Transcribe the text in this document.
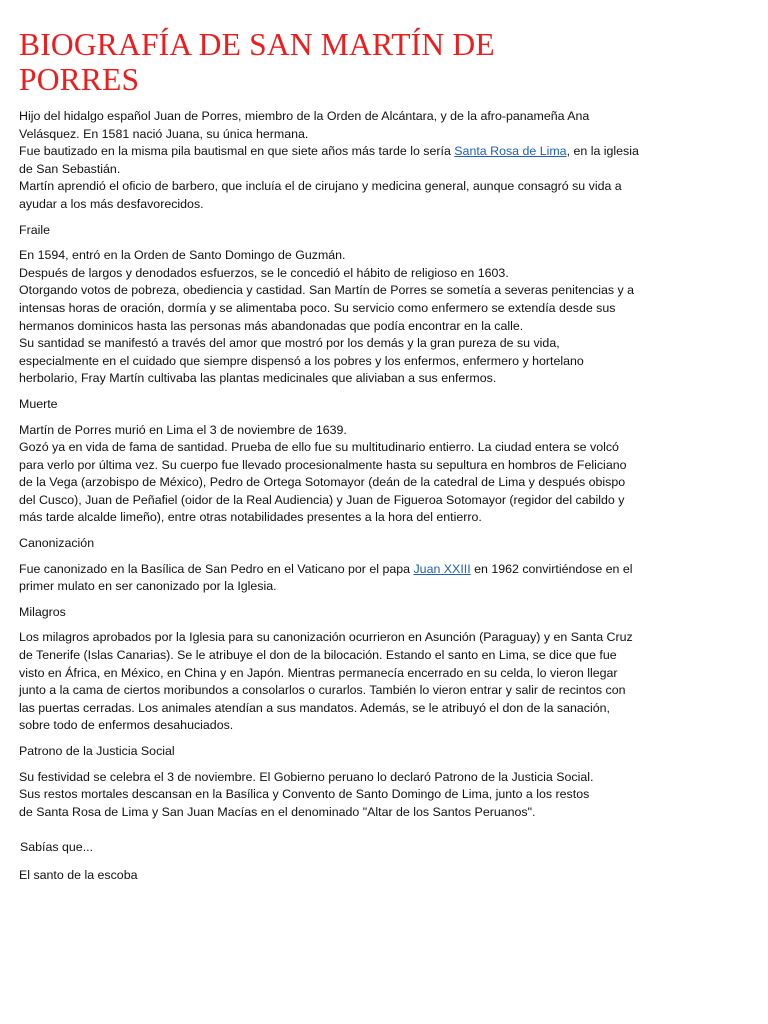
BIOGRAFÍA DE SAN MARTÍN DE
PORRES
Hijo del hidalgo español Juan de Porres, miembro de la Orden de Alcántara, y de la afro-panameña Ana
Velásquez. En 1581 nació Juana, su única hermana.
Fue bautizado en la misma pila bautismal en que siete años más tarde lo sería Santa Rosa de Lima, en la iglesia
de San Sebastián.
Martín aprendió el oficio de barbero, que incluía el de cirujano y medicina general, aunque consagró su vida a
ayudar a los más desfavorecidos.
Fraile
En 1594, entró en la Orden de Santo Domingo de Guzmán.
Después de largos y denodados esfuerzos, se le concedió el hábito de religioso en 1603.
Otorgando votos de pobreza, obediencia y castidad. San Martín de Porres se sometía a severas penitencias y a
intensas horas de oración, dormía y se alimentaba poco. Su servicio como enfermero se extendía desde sus
hermanos dominicos hasta las personas más abandonadas que podía encontrar en la calle.
Su santidad se manifestó a través del amor que mostró por los demás y la gran pureza de su vida,
especialmente en el cuidado que siempre dispensó a los pobres y los enfermos, enfermero y hortelano
herbolario, Fray Martín cultivaba las plantas medicinales que aliviaban a sus enfermos.
Muerte
Martín de Porres murió en Lima el 3 de noviembre de 1639.
Gozó ya en vida de fama de santidad. Prueba de ello fue su multitudinario entierro. La ciudad entera se volcó
para verlo por última vez. Su cuerpo fue llevado procesionalmente hasta su sepultura en hombros de Feliciano
de la Vega (arzobispo de México), Pedro de Ortega Sotomayor (deán de la catedral de Lima y después obispo
del Cusco), Juan de Peñafiel (oidor de la Real Audiencia) y Juan de Figueroa Sotomayor (regidor del cabildo y
más tarde alcalde limeño), entre otras notabilidades presentes a la hora del entierro.
Canonización
Fue canonizado en la Basílica de San Pedro en el Vaticano por el papa Juan XXIII en 1962 convirtiéndose en el
primer mulato en ser canonizado por la Iglesia.
Milagros
Los milagros aprobados por la Iglesia para su canonización ocurrieron en Asunción (Paraguay) y en Santa Cruz
de Tenerife (Islas Canarias). Se le atribuye el don de la bilocación. Estando el santo en Lima, se dice que fue
visto en África, en México, en China y en Japón. Mientras permanecía encerrado en su celda, lo vieron llegar
junto a la cama de ciertos moribundos a consolarlos o curarlos. También lo vieron entrar y salir de recintos con
las puertas cerradas. Los animales atendían a sus mandatos. Además, se le atribuyó el don de la sanación,
sobre todo de enfermos desahuciados.
Patrono de la Justicia Social
Su festividad se celebra el 3 de noviembre. El Gobierno peruano lo declaró Patrono de la Justicia Social.
Sus restos mortales descansan en la Basílica y Convento de Santo Domingo de Lima, junto a los restos
de Santa Rosa de Lima y San Juan Macías en el denominado "Altar de los Santos Peruanos".
Sabías que...
El santo de la escoba
